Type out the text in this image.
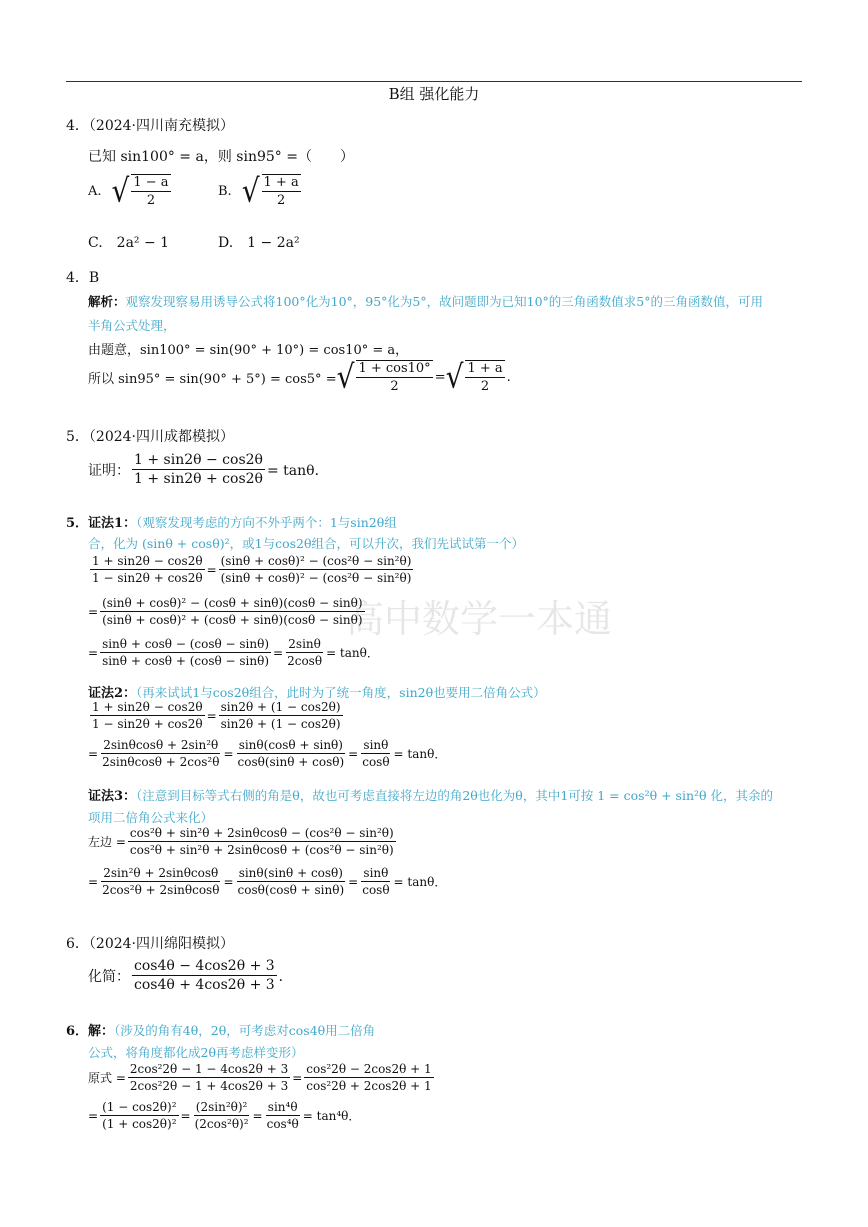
B组 强化能力
高中数学一本通
4．（2024·四川南充模拟）
已知 sin100° = a，则 sin95° =（　　）
A. √ $\frac{1 - a}{2}$	B. √ $\frac{1 + a}{2}$
C.　2a² − 1	D.　1 − 2a²
4．B
解析：观察发现察易用诱导公式将100°化为10°，95°化为5°，故问题即为已知10°的三角函数值求5°的三角函数值，可用
半角公式处理，
由题意，sin100° = sin(90° + 10°) = cos10° = a，
所以 sin95° = sin(90° + 5°) = cos5° = √ 1 + cos10°
2
= √ 1 + a
2
.
5．（2024·四川成都模拟）
证明： $\frac{1 + \sin 2\theta - \cos 2\theta}{1 + \sin 2\theta + \cos 2\theta} = \tan\theta$．
5．证法1：（观察发现考虑的方向不外乎两个：1与sin2θ组
合，化为 (sinθ + cosθ)²，或1与cos2θ组合，可以升次，我们先试试第一个）
$\frac{1 + \sin 2\theta - \cos 2\theta}{1 - \sin 2\theta + \cos 2\theta} = \frac{\text{(sinθ + cosθ)² − (cos²θ − sin²θ)}}{\text{(sinθ + cosθ)² − (cos²θ − sin²θ)}}$
= $\frac{\text{(sinθ + cosθ)² − (cosθ + sinθ)(cosθ − sinθ)}}{\text{(sinθ + cosθ)² + (cosθ + sinθ)(cosθ − sinθ)}}$
= $\frac{\sin\theta + \cos\theta - (\cos\theta - \sin\theta)}{\sin\theta + \cos\theta + (\cos\theta - \sin\theta)} = \frac{2\sin\theta}{2\cos\theta} = \tan\theta$．
证法2：（再来试试1与cos2θ组合，此时为了统一角度，sin2θ也要用二倍角公式）
$\frac{1 + \sin 2\theta - \cos 2\theta}{1 - \sin 2\theta + \cos 2\theta} = \frac{\sin 2\theta + (1 - \cos 2\theta)}{\sin 2\theta + (1 - \cos 2\theta)}$
= $\frac{\text{2sinθcosθ + 2sin²θ}}{\text{2sinθcosθ + 2cos²θ}} = \frac{\sin\theta(\cos\theta + \sin\theta)}{\cos\theta(\sin\theta + \cos\theta)} = \frac{\sin\theta}{\cos\theta} = \tan\theta$．
证法3：（注意到目标等式右侧的角是θ，故也可考虑直接将左边的角2θ也化为θ，其中1可按 1 = cos²θ + sin²θ 化，其余的
项用二倍角公式来化）
左边 = $\frac{\text{cos²θ + sin²θ + 2sinθcosθ − (cos²θ − sin²θ)}}{\text{cos²θ + sin²θ + 2sinθcosθ + (cos²θ − sin²θ)}}$
= $\frac{\text{2sin²θ + 2sinθcosθ}}{\text{2cos²θ + 2sinθcosθ}} = \frac{\sin\theta(\sin\theta + \cos\theta)}{\cos\theta(\cos\theta + \sin\theta)} = \frac{\sin\theta}{\cos\theta} = \tan\theta$．
6．（2024·四川绵阳模拟）
化简： $\frac{\cos 4\theta - 4\cos 2\theta + 3}{\cos 4\theta + 4\cos 2\theta + 3}$ ．
6．解：（涉及的角有4θ，2θ，可考虑对cos4θ用二倍角
公式，将角度都化成2θ再考虑样变形）
原式 = $\frac{\text{2cos²2θ − 1 − 4cos2θ + 3}}{\text{2cos²2θ − 1 + 4cos2θ + 3}} = \frac{\text{cos²2θ − 2cos2θ + 1}}{\text{cos²2θ + 2cos2θ + 1}}$
= $\frac{\text{(1 − cos2θ)²}}{\text{(1 + cos2θ)²}} = \frac{\text{(2sin²θ)²}}{\text{(2cos²θ)²}} = \frac{\text{sin⁴θ}}{\text{cos⁴θ}} = \tan^4\theta$．
